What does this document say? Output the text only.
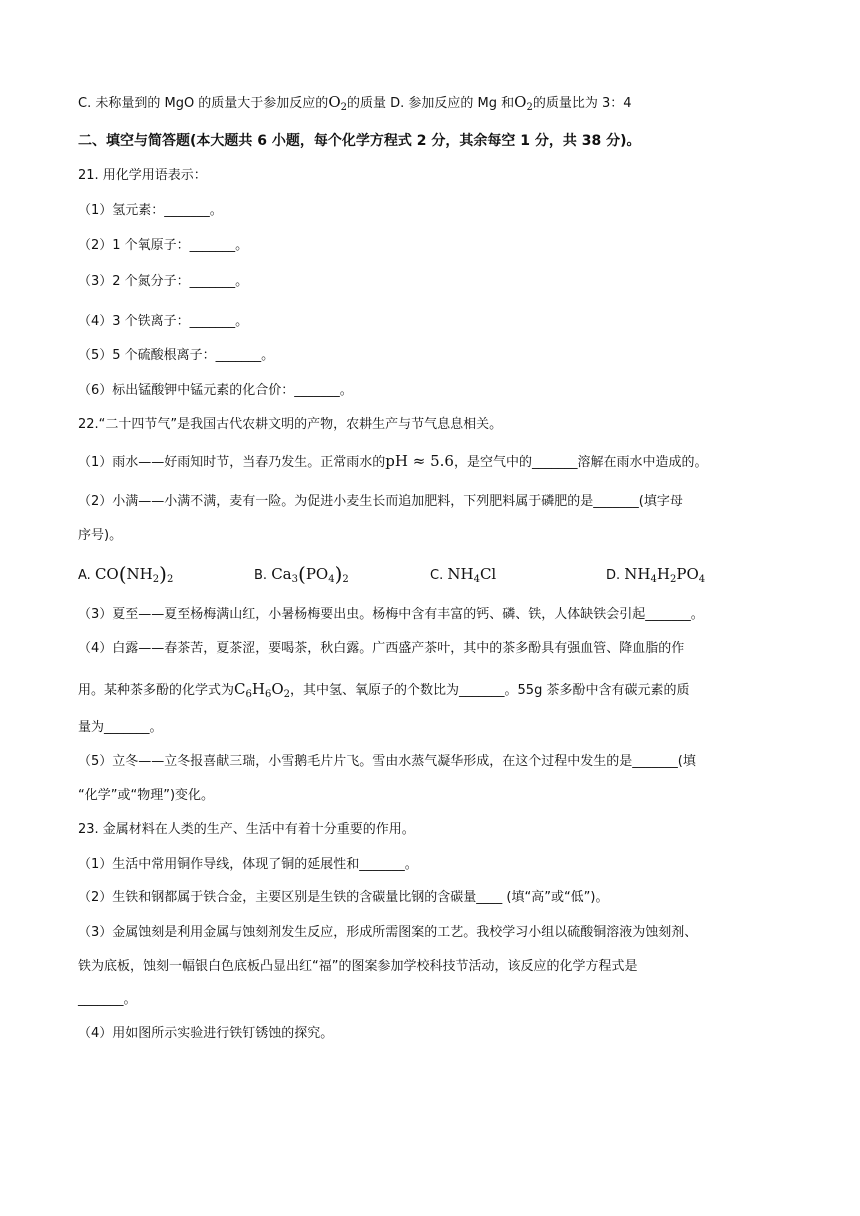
C. 未称量到的 MgO 的质量大于参加反应的$O_2$的质量 D. 参加反应的 Mg 和$O_2$的质量比为 3：4
二、填空与简答题(本大题共 6 小题，每个化学方程式 2 分，其余每空 1 分，共 38 分)。
21. 用化学用语表示：
（1）氢元素：_______。
（2）1 个氧原子：_______。
（3）2 个氮分子：_______。
（4）3 个铁离子：_______。
（5）5 个硫酸根离子：_______。
（6）标出锰酸钾中锰元素的化合价：_______。
22.“二十四节气”是我国古代农耕文明的产物，农耕生产与节气息息相关。
（1）雨水——好雨知时节，当春乃发生。正常雨水的pH ≈ 5.6，是空气中的_______溶解在雨水中造成的。
（2）小满——小满不满，麦有一险。为促进小麦生长而追加肥料，下列肥料属于磷肥的是_______(填字母
序号)。
A. $CO(NH_2)_2$	B. $Ca_3(PO_4)_2$	C. $NH_4Cl$	D. $NH_4H_2PO_4$
（3）夏至——夏至杨梅满山红，小暑杨梅要出虫。杨梅中含有丰富的钙、磷、铁，人体缺铁会引起_______。
（4）白露——春茶苦，夏茶涩，要喝茶，秋白露。广西盛产茶叶，其中的茶多酚具有强血管、降血脂的作
用。某种茶多酚的化学式为$C_6H_6O_2$，其中氢、氧原子的个数比为_______。55g 茶多酚中含有碳元素的质
量为_______。
（5）立冬——立冬报喜献三瑞，小雪鹅毛片片飞。雪由水蒸气凝华形成，在这个过程中发生的是_______(填
“化学”或“物理”)变化。
23. 金属材料在人类的生产、生活中有着十分重要的作用。
（1）生活中常用铜作导线，体现了铜的延展性和_______。
（2）生铁和钢都属于铁合金，主要区别是生铁的含碳量比钢的含碳量____ (填“高”或“低”)。
（3）金属蚀刻是利用金属与蚀刻剂发生反应，形成所需图案的工艺。我校学习小组以硫酸铜溶液为蚀刻剂、
铁为底板，蚀刻一幅银白色底板凸显出红“福”的图案参加学校科技节活动，该反应的化学方程式是
_______。
（4）用如图所示实验进行铁钉锈蚀的探究。
